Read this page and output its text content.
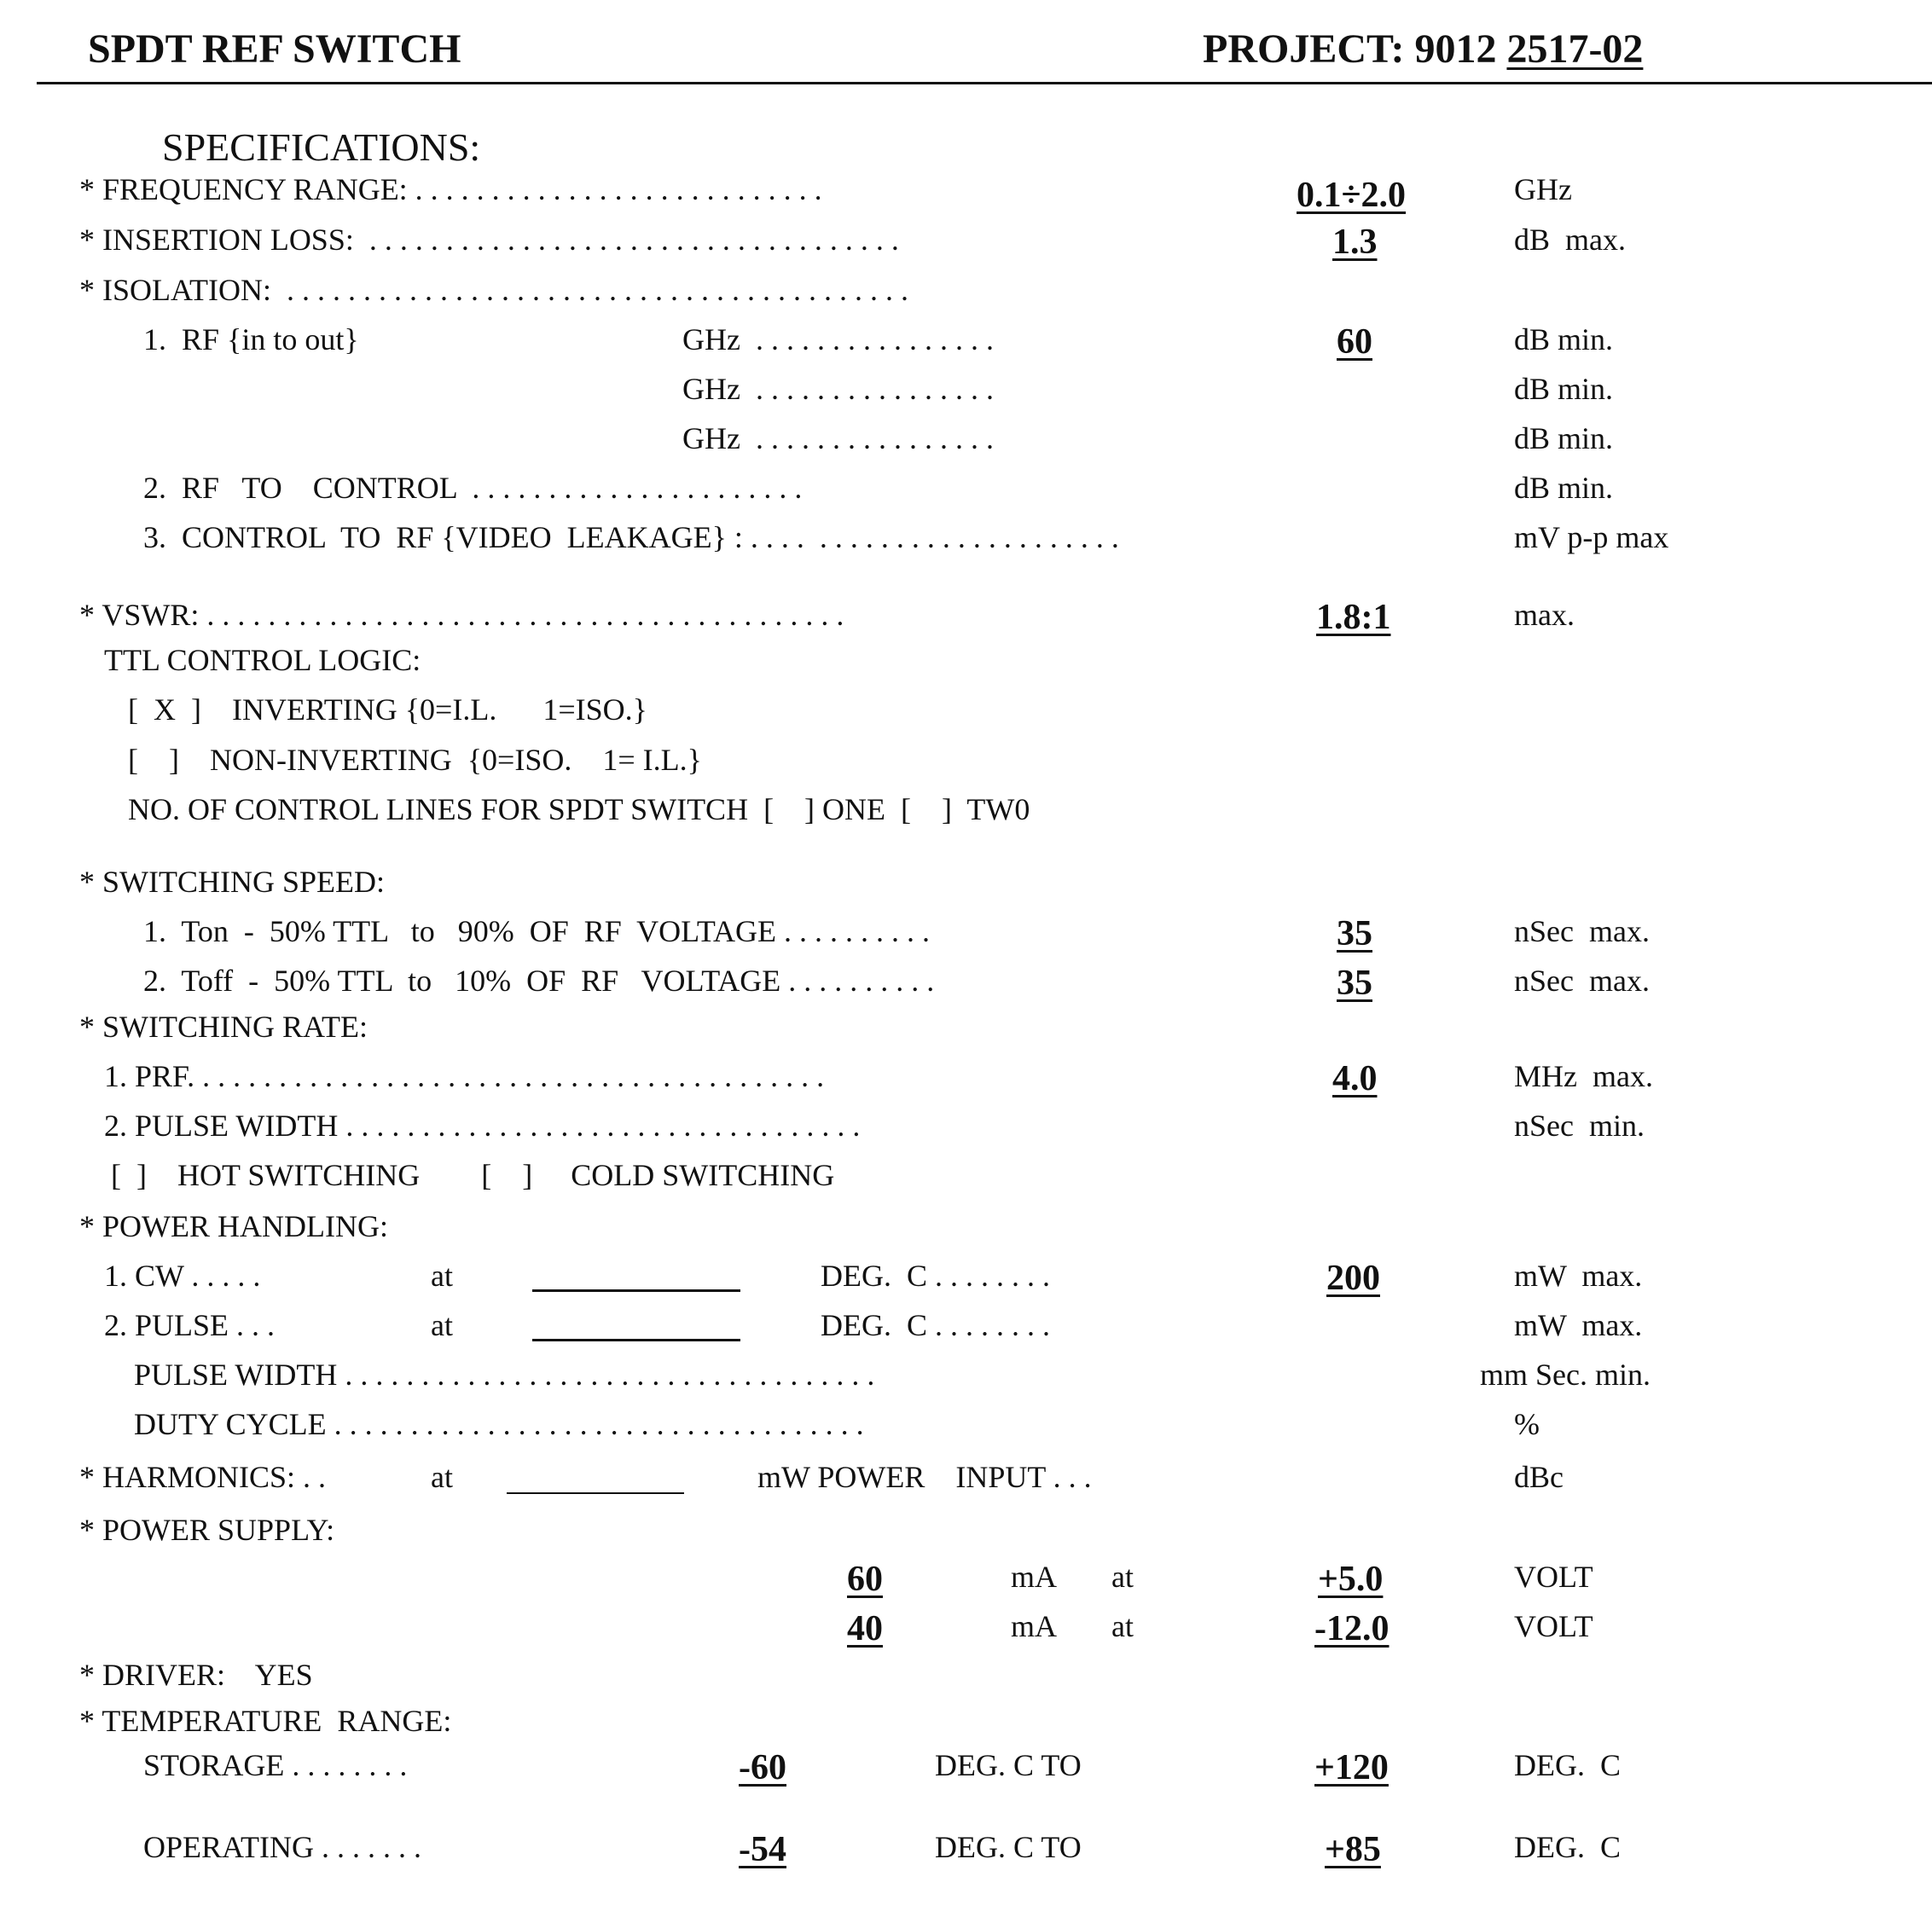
SPDT REF SWITCH	PROJECT: 9012 2517-02
SPECIFICATIONS:
* FREQUENCY RANGE: . . . . . . . . . . . . . . . . . . . . . . . . . . .	0.1÷2.0	GHz
* INSERTION LOSS:  . . . . . . . . . . . . . . . . . . . . . . . . . . . . . . . . . . .	1.3	dB  max.
* ISOLATION:  . . . . . . . . . . . . . . . . . . . . . . . . . . . . . . . . . . . . . . . . .
1.  RF {in to out}	GHz  . . . . . . . . . . . . . . . .	60	dB min.
GHz  . . . . . . . . . . . . . . . .	dB min.
GHz  . . . . . . . . . . . . . . . .	dB min.
2.  RF   TO    CONTROL  . . . . . . . . . . . . . . . . . . . . . .	dB min.
3.  CONTROL  TO  RF {VIDEO  LEAKAGE} : . . . .  . . . . . . . . . . . . . . . . . . . .	mV p-p max
* VSWR: . . . . . . . . . . . . . . . . . . . . . . . . . . . . . . . . . . . . . . . . . .	1.8:1	max.
TTL CONTROL LOGIC:
[  X  ]    INVERTING {0=I.L.      1=ISO.}
[    ]    NON-INVERTING  {0=ISO.    1= I.L.}
NO. OF CONTROL LINES FOR SPDT SWITCH  [    ] ONE  [    ]  TW0
* SWITCHING SPEED:
1.  Ton  -  50% TTL   to   90%  OF  RF  VOLTAGE . . . . . . . . . .	35	nSec  max.
2.  Toff  -  50% TTL  to   10%  OF  RF   VOLTAGE . . . . . . . . . .	35	nSec  max.
* SWITCHING RATE:
1. PRF. . . . . . . . . . . . . . . . . . . . . . . . . . . . . . . . . . . . . . . . . .	4.0	MHz  max.
2. PULSE WIDTH . . . . . . . . . . . . . . . . . . . . . . . . . . . . . . . . . .	nSec  min.
[  ]    HOT SWITCHING        [    ]     COLD SWITCHING
* POWER HANDLING:
1. CW . . . . .	at	DEG.  C . . . . . . . .	200	mW  max.
2. PULSE . . .	at	DEG.  C . . . . . . . .	mW  max.
PULSE WIDTH . . . . . . . . . . . . . . . . . . . . . . . . . . . . . . . . . . .	mm Sec. min.
DUTY CYCLE . . . . . . . . . . . . . . . . . . . . . . . . . . . . . . . . . . .	%
* HARMONICS: . .	at	mW POWER    INPUT . . .	dBc
* POWER SUPPLY:
60	mA at	+5.0	VOLT
40	mA at	-12.0	VOLT
* DRIVER:    YES
* TEMPERATURE  RANGE:
STORAGE . . . . . . . .	-60	DEG. C TO	+120	DEG.  C
OPERATING . . . . . . .	-54	DEG. C TO	+85	DEG.  C
